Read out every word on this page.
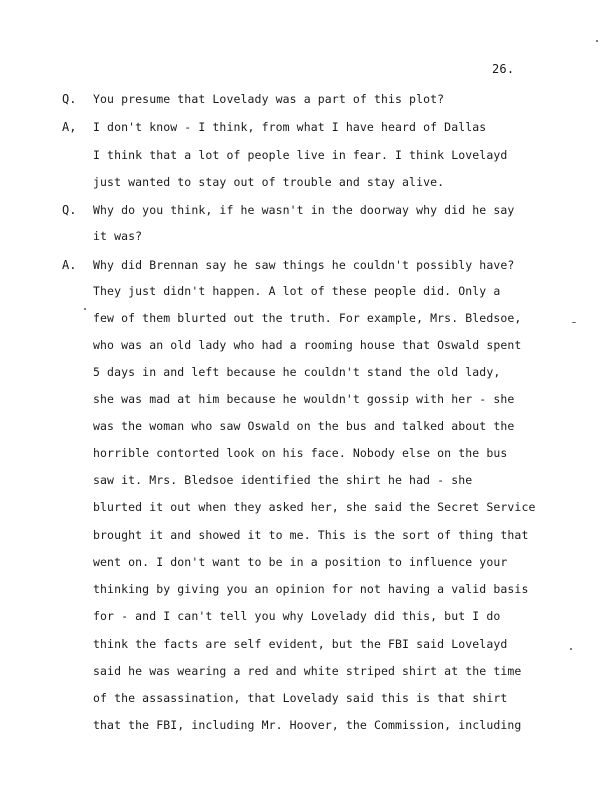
26.
Q. You presume that Lovelady was a part of this plot?
A, I don't know - I think, from what I have heard of Dallas
I think that a lot of people live in fear. I think Lovelayd
just wanted to stay out of trouble and stay alive.
Q. Why do you think, if he wasn't in the doorway why did he say
it was?
A. Why did Brennan say he saw things he couldn't possibly have?
They just didn't happen. A lot of these people did. Only a
few of them blurted out the truth. For example, Mrs. Bledsoe,
who was an old lady who had a rooming house that Oswald spent
5 days in and left because he couldn't stand the old lady,
she was mad at him because he wouldn't gossip with her - she
was the woman who saw Oswald on the bus and talked about the
horrible contorted look on his face. Nobody else on the bus
saw it. Mrs. Bledsoe identified the shirt he had - she
blurted it out when they asked her, she said the Secret Service
brought it and showed it to me. This is the sort of thing that
went on. I don't want to be in a position to influence your
thinking by giving you an opinion for not having a valid basis
for - and I can't tell you why Lovelady did this, but I do
think the facts are self evident, but the FBI said Lovelayd
said he was wearing a red and white striped shirt at the time
of the assassination, that Lovelady said this is that shirt
that the FBI, including Mr. Hoover, the Commission, including
